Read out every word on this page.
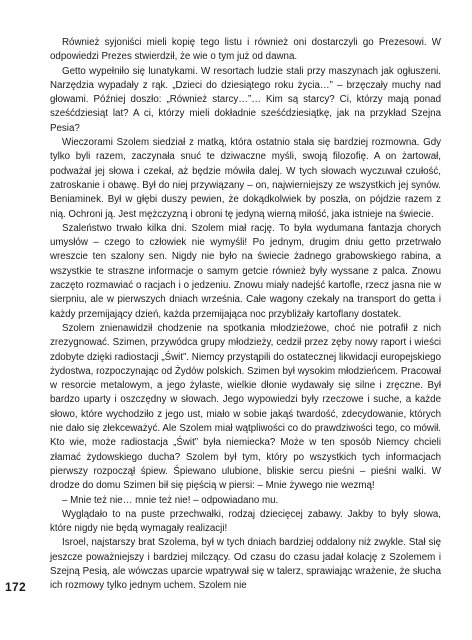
Również syjoniści mieli kopię tego listu i również oni dostarczyli go Prezesowi. W odpowiedzi Prezes stwierdził, że wie o tym już od dawna.

Getto wypełniło się lunatykami. W resortach ludzie stali przy maszynach jak ogłuszeni. Narzędzia wypadały z rąk. „Dzieci do dziesiątego roku życia…” – brzęczały muchy nad głowami. Później doszło: „Również starcy…”… Kim są starcy? Ci, którzy mają ponad sześćdziesiąt lat? A ci, którzy mieli dokładnie sześćdziesiątkę, jak na przykład Szejna Pesia?

Wieczorami Szolem siedział z matką, która ostatnio stała się bardziej rozmowna. Gdy tylko byli razem, zaczynała snuć te dziwaczne myśli, swoją filozofię. A on żartował, podważał jej słowa i czekał, aż będzie mówiła dalej. W tych słowach wyczuwał czułość, zatroskanie i obawę. Był do niej przywiązany – on, najwierniejszy ze wszystkich jej synów. Beniaminek. Był w głębi duszy pewien, że dokądkolwiek by poszła, on pójdzie razem z nią. Ochroni ją. Jest mężczyzną i obroni tę jedyną wierną miłość, jaka istnieje na świecie.

Szaleństwo trwało kilka dni. Szolem miał rację. To była wydumana fantazja chorych umysłów – czego to człowiek nie wymyśli! Po jednym, drugim dniu getto przetrwało wreszcie ten szalony sen. Nigdy nie było na świecie żadnego grabowskiego rabina, a wszystkie te straszne informacje o samym getcie również były wyssane z palca. Znowu zaczęto rozmawiać o racjach i o jedzeniu. Znowu miały nadejść kartofle, rzecz jasna nie w sierpniu, ale w pierwszych dniach września. Całe wagony czekały na transport do getta i każdy przemijający dzień, każda przemijająca noc przybliżały kartoflany dostatek.

Szolem znienawidził chodzenie na spotkania młodzieżowe, choć nie potrafił z nich zrezygnować. Szimen, przywódca grupy młodzieży, cedził przez zęby nowy raport i wieści zdobyte dzięki radiostacji „Świt”. Niemcy przystąpili do ostatecznej likwidacji europejskiego żydostwa, rozpoczynając od Żydów polskich. Szimen był wysokim młodzieńcem. Pracował w resorcie metalowym, a jego żylaste, wielkie dłonie wydawały się silne i zręczne. Był bardzo uparty i oszczędny w słowach. Jego wypowiedzi były rzeczowe i suche, a każde słowo, które wychodziło z jego ust, miało w sobie jakąś twardość, zdecydowanie, których nie dało się złekceważyć. Ale Szolem miał wątpliwości co do prawdziwości tego, co mówił. Kto wie, może radiostacja „Świt” była niemiecka? Może w ten sposób Niemcy chcieli złamać żydowskiego ducha? Szolem był tym, który po wszystkich tych informacjach pierwszy rozpoczął śpiew. Śpiewano ulubione, bliskie sercu pieśni – pieśni walki. W drodze do domu Szimen bił się pięścią w piersi: – Mnie żywego nie wezmą!

– Mnie też nie… mnie też nie! – odpowiadano mu.

Wyglądało to na puste przechwałki, rodzaj dziecięcej zabawy. Jakby to były słowa, które nigdy nie będą wymagały realizacji!

Isroel, najstarszy brat Szolema, był w tych dniach bardziej oddalony niż zwykle. Stał się jeszcze poważniejszy i bardziej milczący. Od czasu do czasu jadał kolację z Szolemem i Szejną Pesią, ale wówczas uparcie wpatrywał się w talerz, sprawiając wrażenie, że słucha ich rozmowy tylko jednym uchem. Szolem nie

172
